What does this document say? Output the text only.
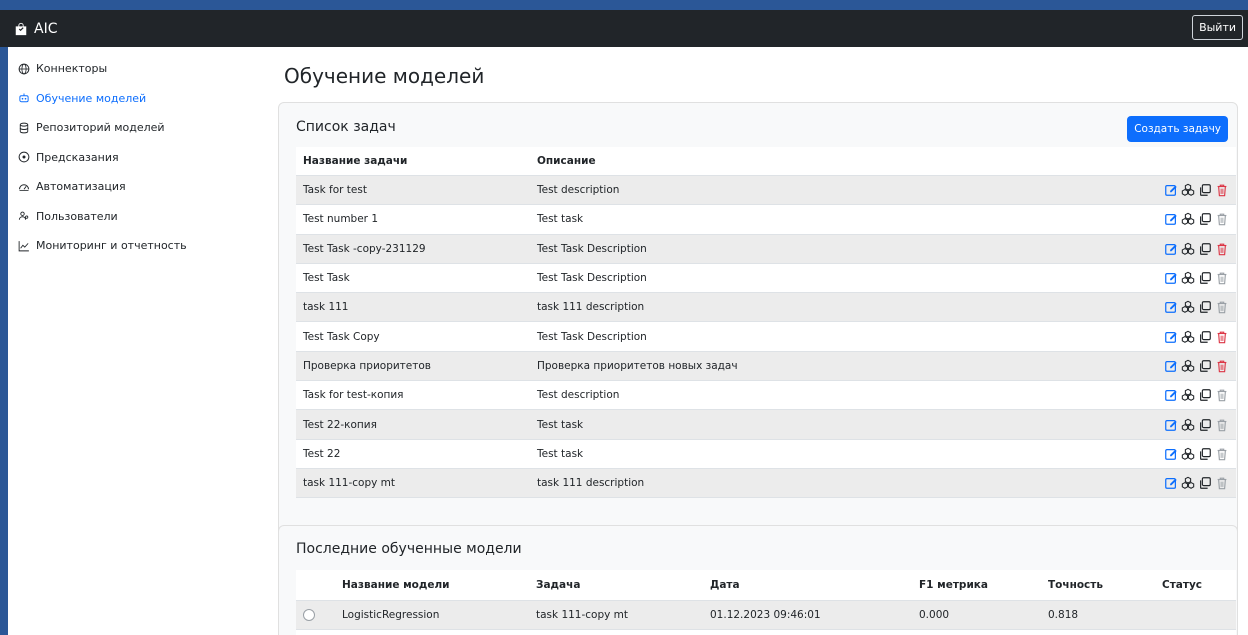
AIC	Выйти
Коннекторы
Обучение моделей
Репозиторий моделей
Предсказания
Автоматизация
Пользователи
Мониторинг и отчетность
Обучение моделей
Список задач	Создать задачу
Название задачи	Описание	
Task for test	Test description	
Test number 1	Test task	
Test Task -copy-231129	Test Task Description	
Test Task	Test Task Description	
task 111	task 111 description	
Test Task Copy	Test Task Description	
Проверка приоритетов	Проверка приоритетов новых задач	
Task for test-копия	Test description	
Test 22-копия	Test task	
Test 22	Test task	
task 111-copy mt	task 111 description	
Последние обученные модели
	Название модели	Задача	Дата	F1 метрика	Точность	Статус
	LogisticRegression	task 111-copy mt	01.12.2023 09:46:01	0.000	0.818	
